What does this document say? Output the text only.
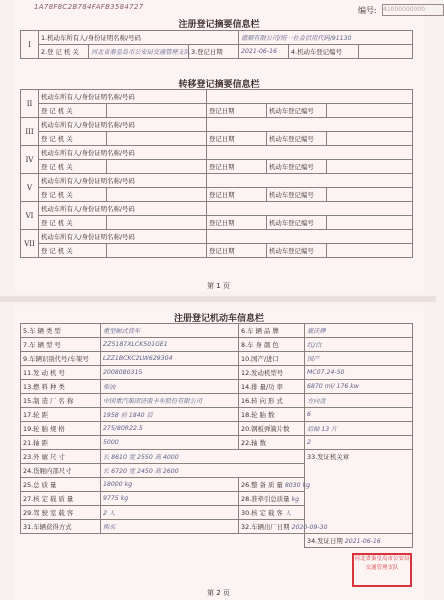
1A78F8C2B784FAFB3584727	编号: 41000000000
注册登记摘要信息栏
I	1.机动车所有人/身份证明名称/号码			德顺有限公司/统一社会信用代码/91130		
	2.登 记 机 关	河北省秦皇岛市公安局交通管理支队	3.登记日期	2021-06-16	4.机动车登记编号	
转移登记摘要信息栏
II	机动车所有人/身份证明名称/号码				
	登 记 机 关		登记日期	机动车登记编号	
III	机动车所有人/身份证明名称/号码				
	登 记 机 关		登记日期	机动车登记编号	
IV	机动车所有人/身份证明名称/号码				
	登 记 机 关		登记日期	机动车登记编号	
V	机动车所有人/身份证明名称/号码				
	登 记 机 关		登记日期	机动车登记编号	
VI	机动车所有人/身份证明名称/号码				
	登 记 机 关		登记日期	机动车登记编号	
VII	机动车所有人/身份证明名称/号码				
	登 记 机 关		登记日期	机动车登记编号	
第 1 页
注册登记机动车信息栏
5.车 辆 类 型	重型厢式货车	6.车 辆 品 牌	豪沃牌
7.车 辆 型 号	ZZ5187XLCK501GE1	8.车 身 颜 色	红/白
9.车辆识别代号/车架号	LZZ1BCKC2LW629304	10.国产/进口	国产
11.发 动 机 号	2008080315	12.发动机型号	MC07.24-50
13.燃 料 种 类	柴油	14.排 量/功 率	6870 ml/ 176 kw
15.制 造 厂 名 称	中国重汽集团济南卡车股份有限公司	16.转 向 形 式	方向盘
17.轮 距	1958 前 1840 后	18.轮 胎 数	6
19.轮 胎 规 格	275/80R22.5	20.钢板弹簧片数	后轴 13 片
21.轴 距	5000	22.轴 数	2
23.外 廓 尺 寸	长 8610 宽 2550 高 4000		33.发证机关章
24.货厢内部尺寸	长 6720 宽 2450 高 2600		
25.总 质 量	18000 kg	26.整 备 质 量 8030 kg	
27.核 定 载 质 量	9775 kg	28.准牵引总质量 kg	
29.驾 驶 室 载 客	2 人	30.核 定 载 客 人	
31.车辆获得方式	购买	32.车辆出厂日期 2020-09-30	
			34.发证日期 2021-06-16
第 2 页
河北省秦皇岛市公安局交通管理支队
